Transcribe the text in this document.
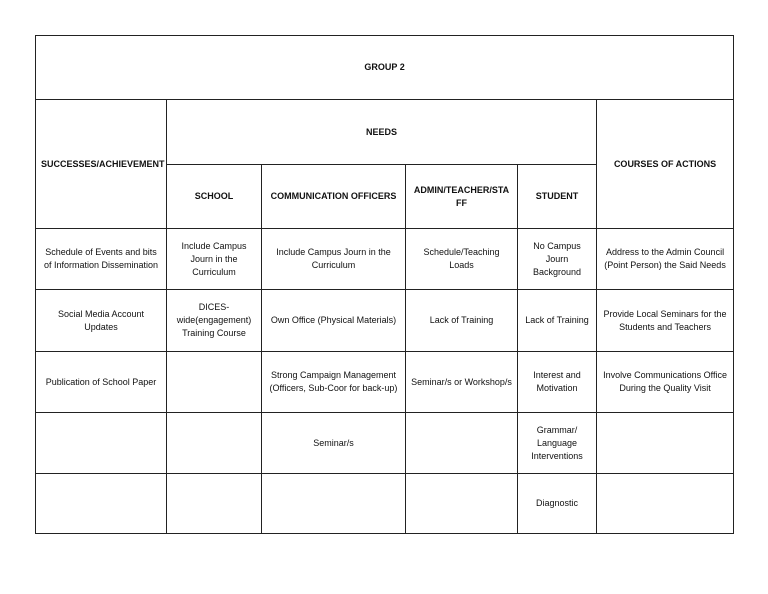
GROUP 2					
SUCCESSES/ACHIEVEMENT	NEEDS				COURSES OF ACTIONS
	SCHOOL	COMMUNICATION OFFICERS	ADMIN/TEACHER/STA FF	STUDENT	
Schedule of Events and bits of Information Dissemination	Include Campus Journ in the Curriculum	Include Campus Journ in the Curriculum	Schedule/Teaching Loads	No Campus Journ Background	Address to the Admin Council (Point Person) the Said Needs
Social Media Account Updates	DICES-wide(engagement) Training Course	Own Office (Physical Materials)	Lack of Training	Lack of Training	Provide Local Seminars for the Students and Teachers
Publication of School Paper		Strong Campaign Management (Officers, Sub-Coor for back-up)	Seminar/s or Workshop/s	Interest and Motivation	Involve Communications Office During the Quality Visit
		Seminar/s		Grammar/ Language Interventions	
				Diagnostic	
